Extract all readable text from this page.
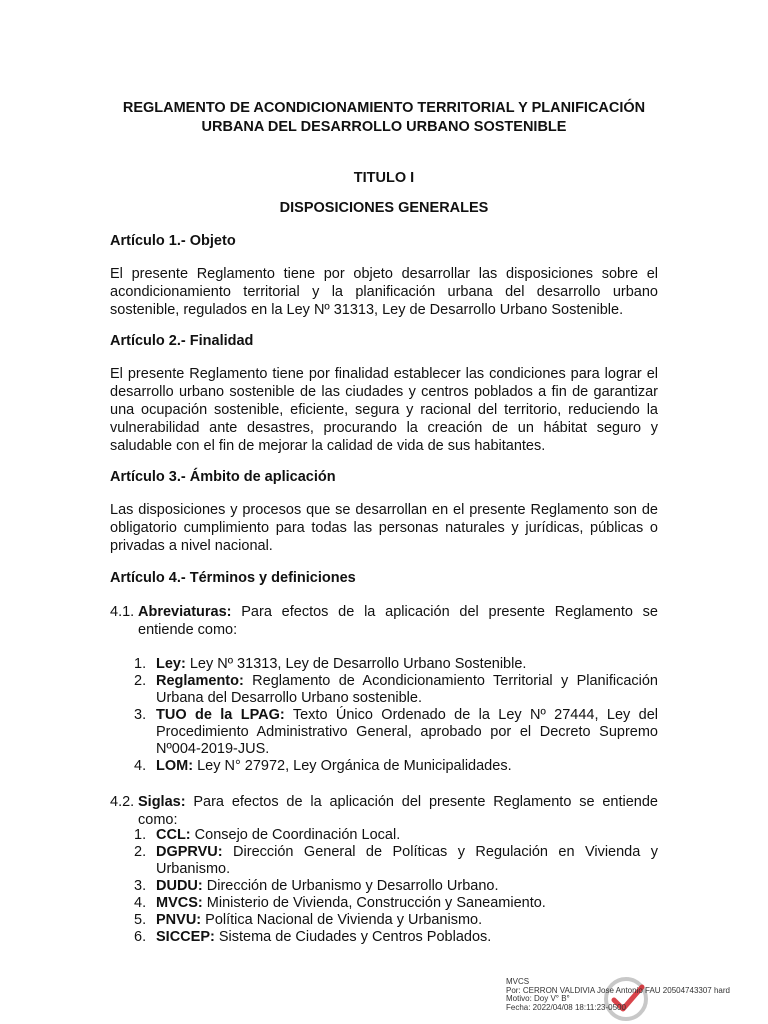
REGLAMENTO DE ACONDICIONAMIENTO TERRITORIAL Y PLANIFICACIÓN
URBANA DEL DESARROLLO URBANO SOSTENIBLE
TITULO I
DISPOSICIONES GENERALES
Artículo 1.- Objeto

El presente Reglamento tiene por objeto desarrollar las disposiciones sobre el acondicionamiento territorial y la planificación urbana del desarrollo urbano sostenible, regulados en la Ley Nº 31313, Ley de Desarrollo Urbano Sostenible.

Artículo 2.- Finalidad

El presente Reglamento tiene por finalidad establecer las condiciones para lograr el desarrollo urbano sostenible de las ciudades y centros poblados a fin de garantizar una ocupación sostenible, eficiente, segura y racional del territorio, reduciendo la vulnerabilidad ante desastres, procurando la creación de un hábitat seguro y saludable con el fin de mejorar la calidad de vida de sus habitantes.

Artículo 3.- Ámbito de aplicación

Las disposiciones y procesos que se desarrollan en el presente Reglamento son de obligatorio cumplimiento para todas las personas naturales y jurídicas, públicas o privadas a nivel nacional.

Artículo 4.- Términos y definiciones
4.1. Abreviaturas: Para efectos de la aplicación del presente Reglamento se entiende como:
1. Ley: Ley Nº 31313, Ley de Desarrollo Urbano Sostenible.
2. Reglamento: Reglamento de Acondicionamiento Territorial y Planificación Urbana del Desarrollo Urbano sostenible.
3. TUO de la LPAG: Texto Único Ordenado de la Ley Nº 27444, Ley del Procedimiento Administrativo General, aprobado por el Decreto Supremo Nº004-2019-JUS.
4. LOM: Ley N° 27972, Ley Orgánica de Municipalidades.
4.2. Siglas: Para efectos de la aplicación del presente Reglamento se entiende como:
1. CCL: Consejo de Coordinación Local.
2. DGPRVU: Dirección General de Políticas y Regulación en Vivienda y Urbanismo.
3. DUDU: Dirección de Urbanismo y Desarrollo Urbano.
4. MVCS: Ministerio de Vivienda, Construcción y Saneamiento.
5. PNVU: Política Nacional de Vivienda y Urbanismo.
6. SICCEP: Sistema de Ciudades y Centros Poblados.
MVCS
Por: CERRON VALDIVIA Jose Antonio FAU 20504743307 hard
Motivo: Doy V° B°
Fecha: 2022/04/08 18:11:23-0500
